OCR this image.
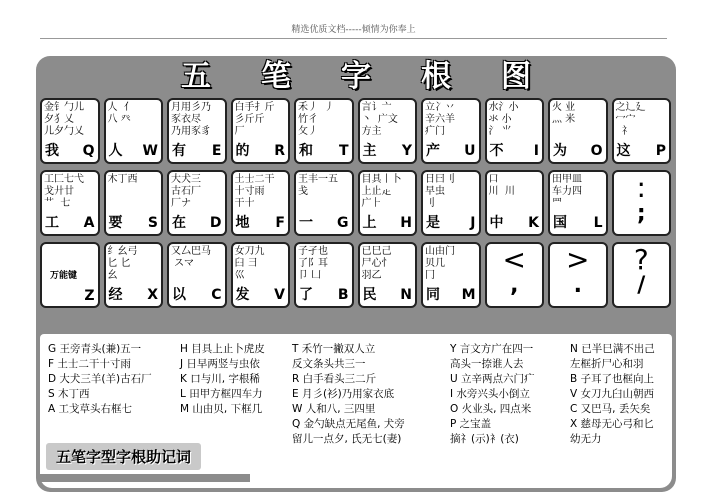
精选优质文档-----倾情为你奉上
五 笔 字 根 图
金钅勹儿
夕犭乂
儿夕勹乂
我 Q
人  亻
八 癶
人 W
月用彡乃
豕衣尽
乃用豕豸
有 E
白手扌斤
彡斤斤
厂
的 R
禾丿  丿
竹彳
攵丿
和 T
言讠亠
丶  广文
方主
主 Y
立冫丷
辛六羊
疒门
产 U
水氵小
氺 小
氵 ⺌
不 I
火 业
灬 米
为 O
之辶廴
冖宀
礻
这 P
工匚七弋
戈廾廿
艹  七
工 A
木丁西
要 S
大犬三
古石厂
厂ナ
在 D
土士二干
十寸雨
干十
地 F
王丰一五
戋
一 G
目具丨卜
上止龰
广⺊
上 H
日曰刂
早虫
刂
是 J
口
川  川
中 K
田甲皿
车力四
罒
国 L
:
;
万能键
Z
纟幺弓
匕 匕
幺
经 X
又厶巴马
スマ
以 C
女刀九
臼 彐
巛
发 V
子孑也
了阝耳
卩 凵
了 B
已巳己
尸心忄
羽乙
民 N
山由门
贝几
冂
同 M
<
,
>
.
?
/
G 王旁青头(兼)五一
F 土士二干十寸雨
D 大犬三羊(羊)古石厂
S 木丁西
A 工戈草头右框七
H 目具上止卜虎皮
J 日早两竖与虫依
K 口与川, 字根稀
L 田甲方框四车力
M 山由贝, 下框几
T 禾竹一撇双人立
反文条头共三一
R 白手看头三二斤
E 月彡(衫)乃用家衣底
W 人和八, 三四里
Q 金勺缺点无尾鱼, 犬旁
留儿一点夕, 氏无七(妻)
Y 言文方广在四一
高头一捺谁人去
U 立辛两点六门疒
I 水旁兴头小倒立
O 火业头, 四点米
P 之宝盖
摘礻(示)衤(衣)
N 已半巳满不出己
左框折尸心和羽
B 子耳了也框向上
V 女刀九臼山朝西
C 又巴马, 丢矢矣
X 慈母无心弓和匕
幼无力
五笔字型字根助记词
